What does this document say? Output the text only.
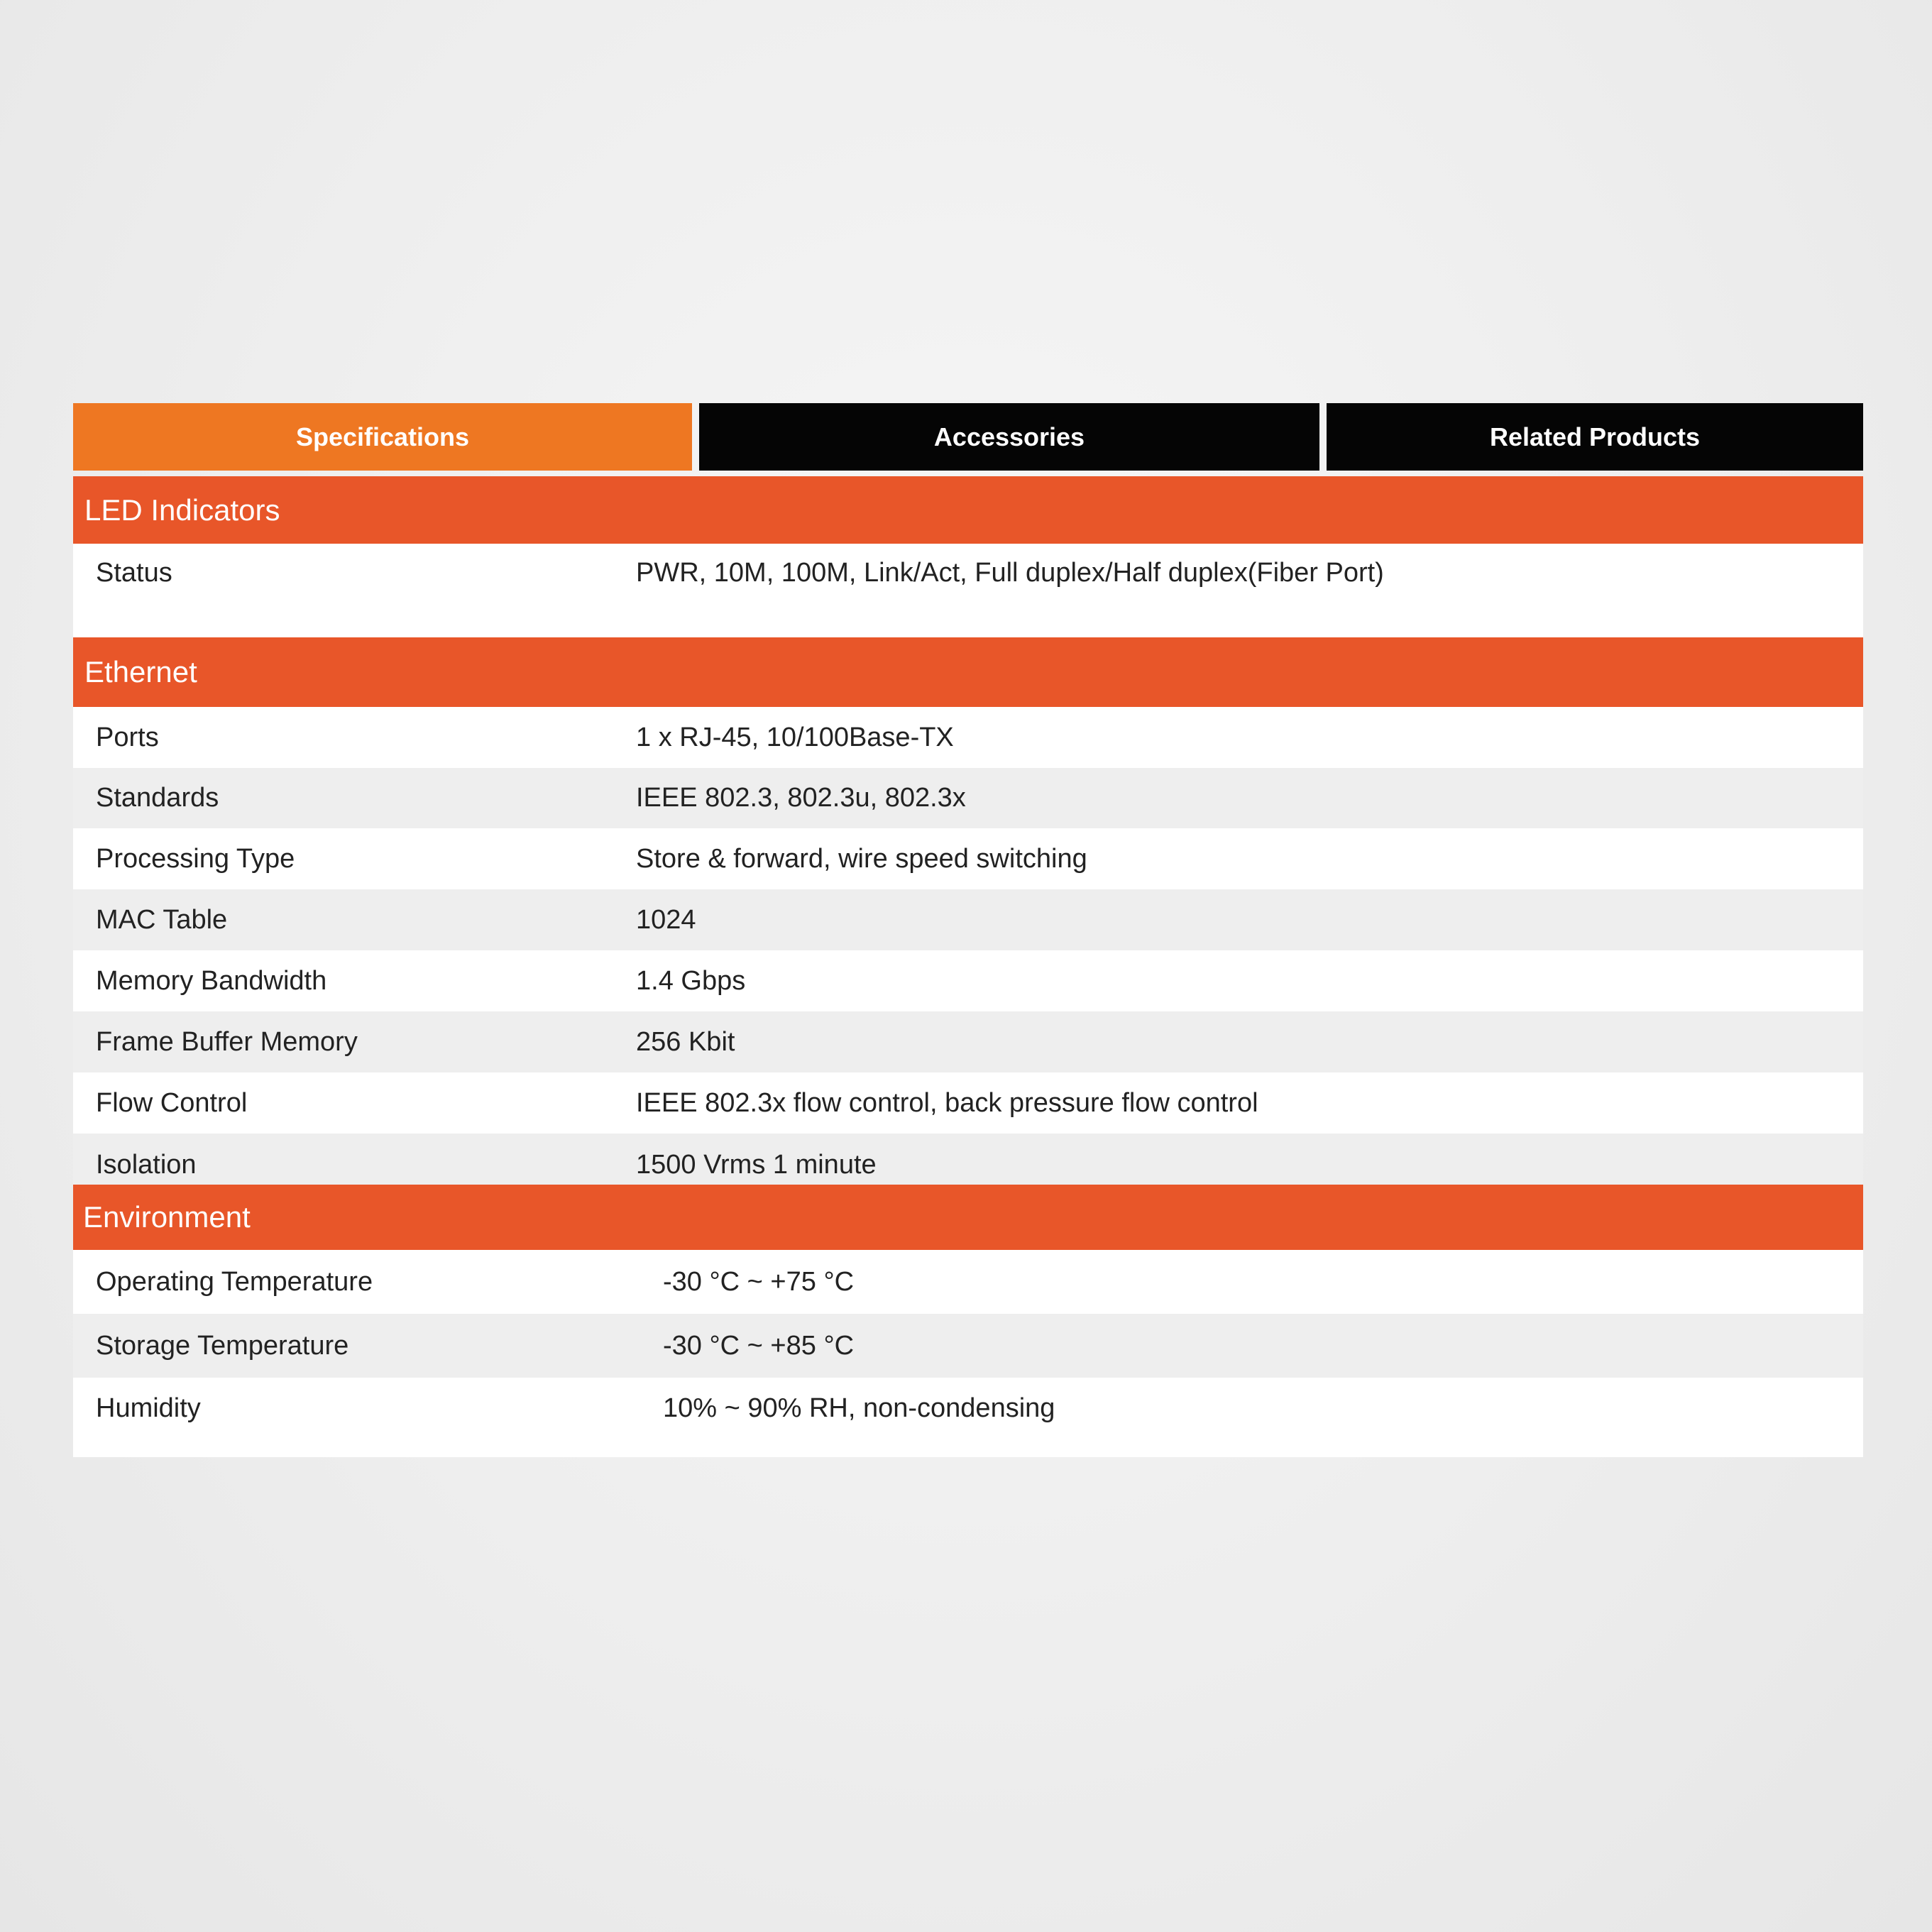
Specifications	Accessories	Related Products
LED Indicators
Status	PWR, 10M, 100M, Link/Act, Full duplex/Half duplex(Fiber Port)
Ethernet
Ports	1 x RJ-45, 10/100Base-TX
Standards	IEEE 802.3, 802.3u, 802.3x
Processing Type	Store & forward, wire speed switching
MAC Table	1024
Memory Bandwidth	1.4 Gbps
Frame Buffer Memory	256 Kbit
Flow Control	IEEE 802.3x flow control, back pressure flow control
Isolation	1500 Vrms 1 minute
Environment
Operating Temperature	-30 °C ~ +75 °C
Storage Temperature	-30 °C ~ +85 °C
Humidity	10% ~ 90% RH, non-condensing
